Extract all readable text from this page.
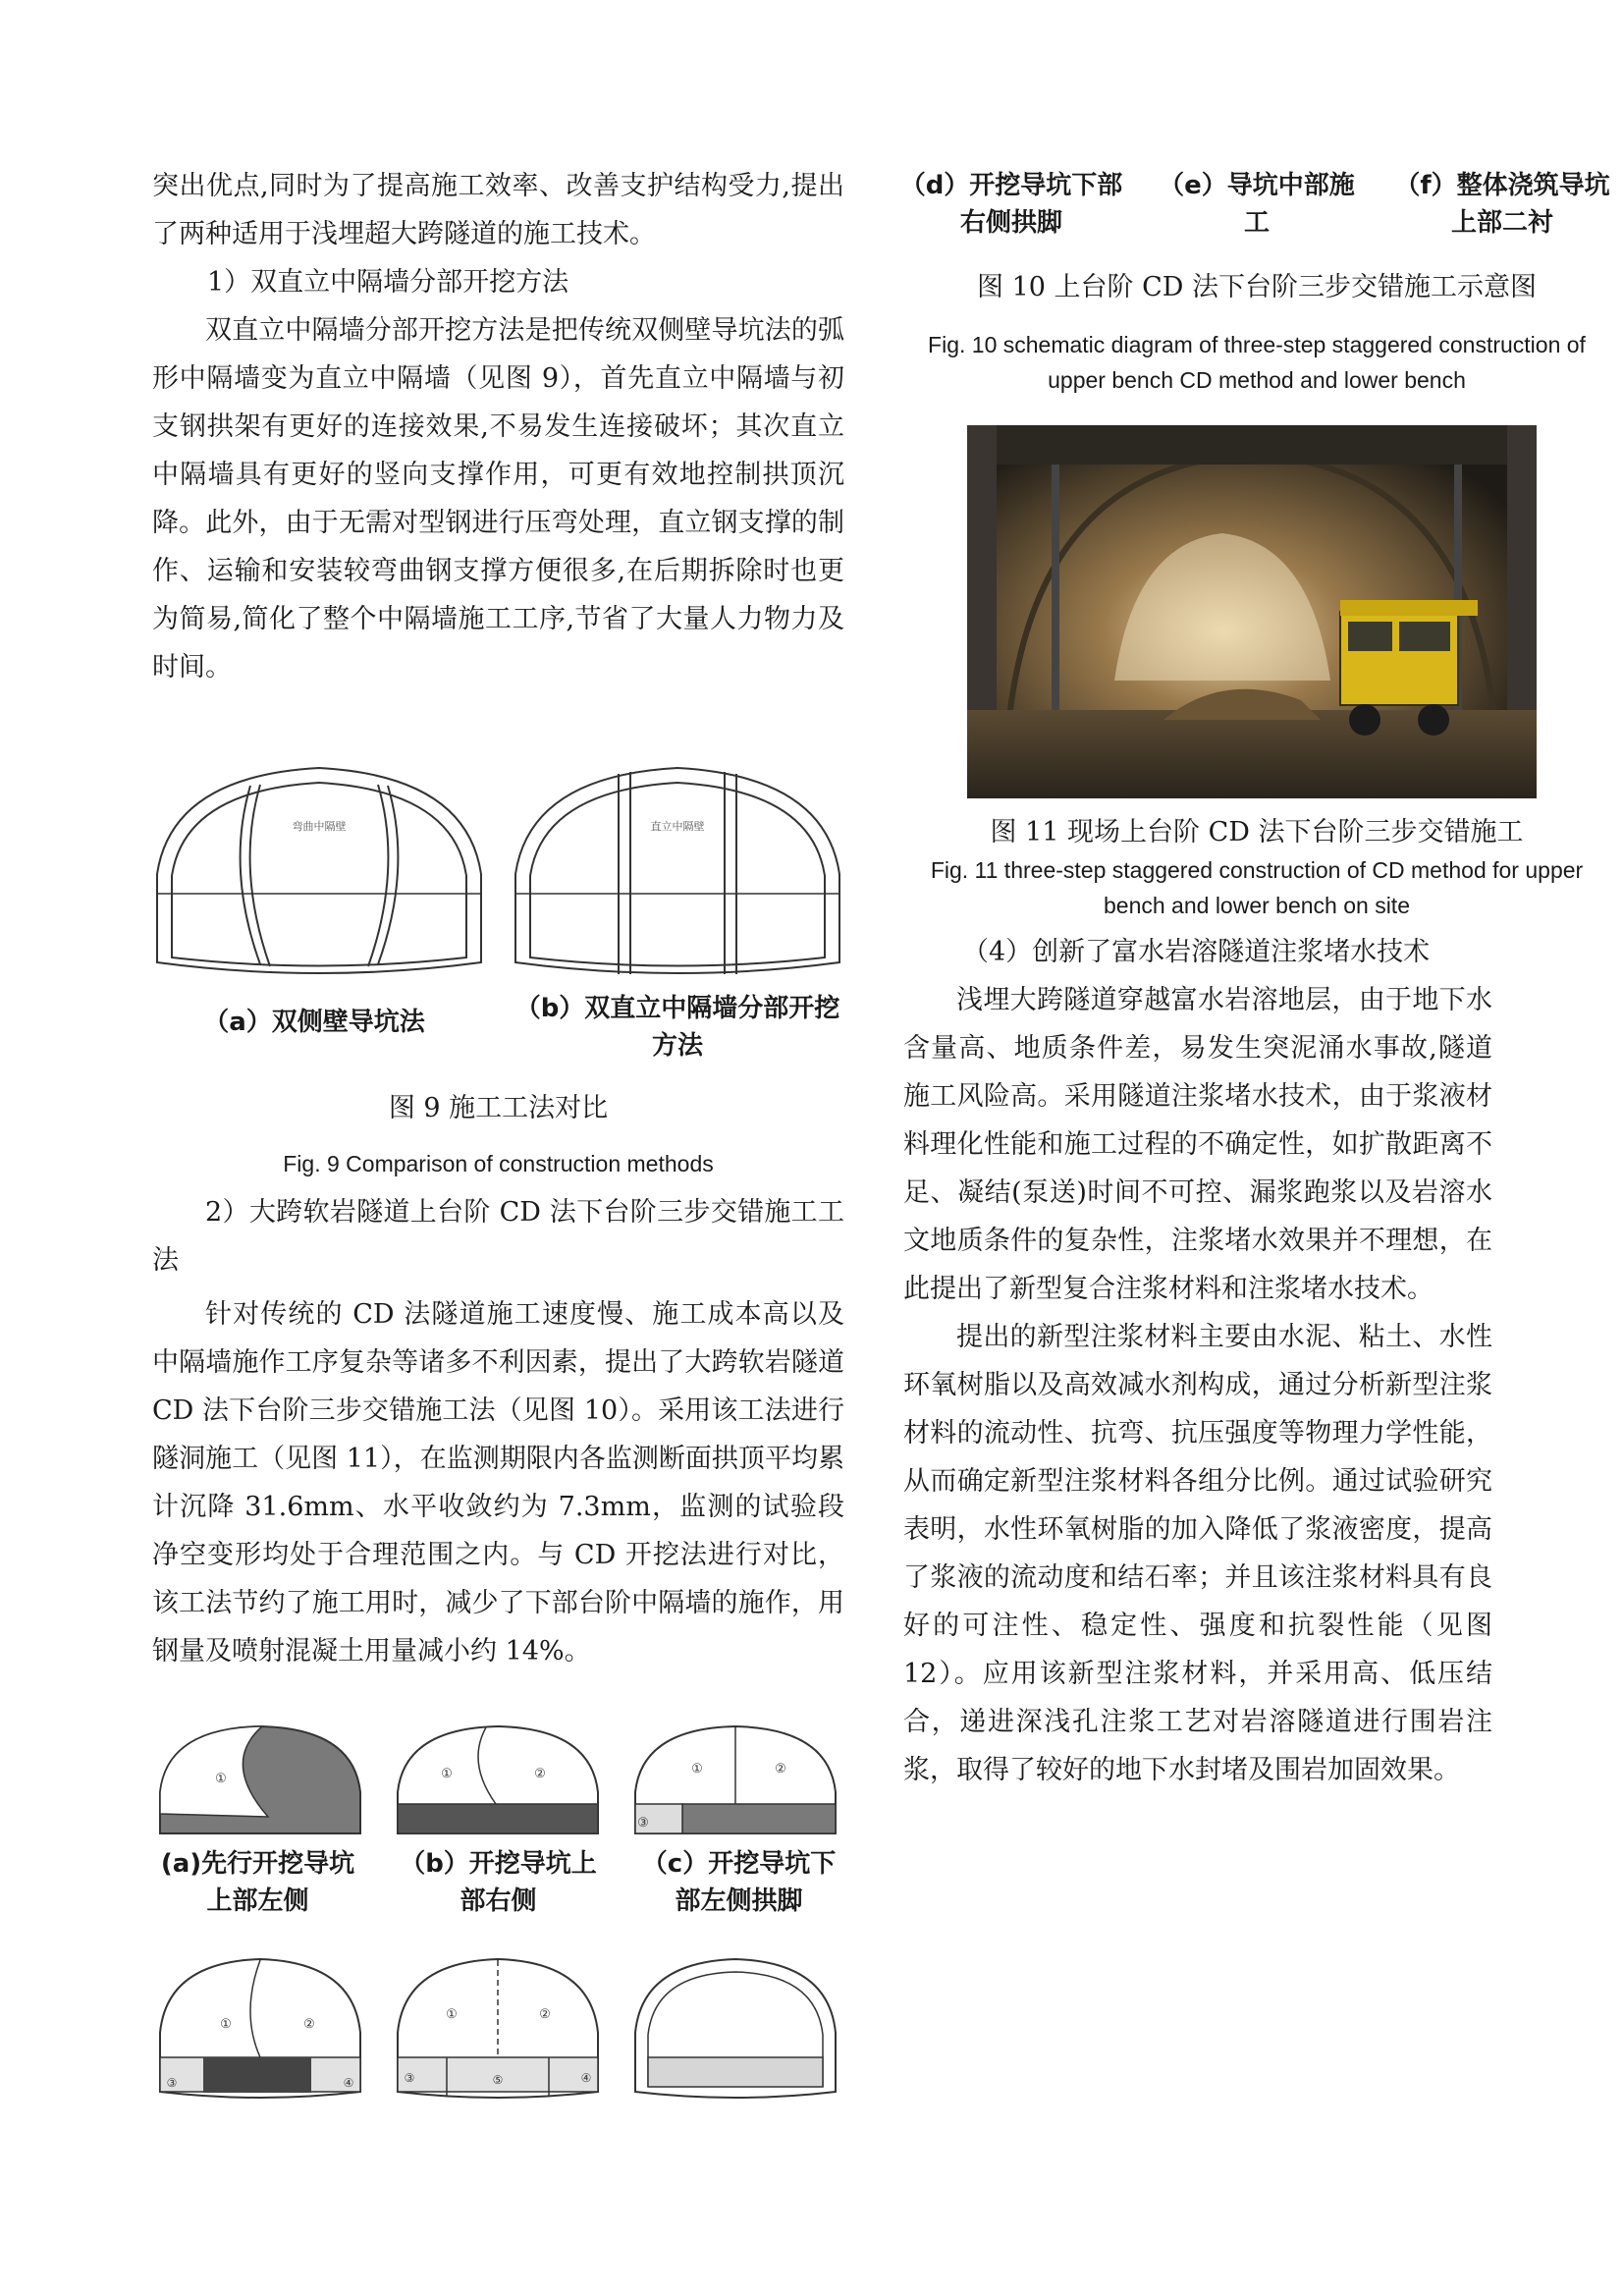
突出优点,同时为了提高施工效率、改善支护结构受力,提出了两种适用于浅埋超大跨隧道的施工技术。

1）双直立中隔墙分部开挖方法

双直立中隔墙分部开挖方法是把传统双侧壁导坑法的弧形中隔墙变为直立中隔墙（见图 9），首先直立中隔墙与初支钢拱架有更好的连接效果,不易发生连接破坏；其次直立中隔墙具有更好的竖向支撑作用，可更有效地控制拱顶沉降。此外，由于无需对型钢进行压弯处理，直立钢支撑的制作、运输和安装较弯曲钢支撑方便很多,在后期拆除时也更为简易,简化了整个中隔墙施工工序,节省了大量人力物力及时间。

弯曲中隔壁	直立中隔壁

（a）双侧壁导坑法	（b）双直立中隔墙分部开挖方法

图 9 施工工法对比

Fig. 9 Comparison of construction methods

2）大跨软岩隧道上台阶 CD 法下台阶三步交错施工工法

针对传统的 CD 法隧道施工速度慢、施工成本高以及中隔墙施作工序复杂等诸多不利因素，提出了大跨软岩隧道 CD 法下台阶三步交错施工法（见图 10）。采用该工法进行隧洞施工（见图 11），在监测期限内各监测断面拱顶平均累计沉降 31.6mm、水平收敛约为 7.3mm，监测的试验段净空变形均处于合理范围之内。与 CD 开挖法进行对比，该工法节约了施工用时，减少了下部台阶中隔墙的施作，用钢量及喷射混凝土用量减小约 14%。

①	①	②	①	②
③

(a)先行开挖导坑上部左侧

（b）开挖导坑上部右侧

（c）开挖导坑下部左侧拱脚

①	②
③	④
①	②
③	⑤	④

（d）开挖导坑下部右侧拱脚

（e）导坑中部施工

（f）整体浇筑导坑上部二衬

图 10 上台阶 CD 法下台阶三步交错施工示意图

Fig. 10 schematic diagram of three-step staggered construction of upper bench CD method and lower bench

图 11 现场上台阶 CD 法下台阶三步交错施工

Fig. 11 three-step staggered construction of CD method for upper bench and lower bench on site

（4）创新了富水岩溶隧道注浆堵水技术

浅埋大跨隧道穿越富水岩溶地层，由于地下水含量高、地质条件差，易发生突泥涌水事故,隧道施工风险高。采用隧道注浆堵水技术，由于浆液材料理化性能和施工过程的不确定性，如扩散距离不足、凝结(泵送)时间不可控、漏浆跑浆以及岩溶水文地质条件的复杂性，注浆堵水效果并不理想，在此提出了新型复合注浆材料和注浆堵水技术。

提出的新型注浆材料主要由水泥、粘土、水性环氧树脂以及高效减水剂构成，通过分析新型注浆材料的流动性、抗弯、抗压强度等物理力学性能，从而确定新型注浆材料各组分比例。通过试验研究表明，水性环氧树脂的加入降低了浆液密度，提高了浆液的流动度和结石率；并且该注浆材料具有良好的可注性、稳定性、强度和抗裂性能（见图 12）。应用该新型注浆材料，并采用高、低压结合，递进深浅孔注浆工艺对岩溶隧道进行围岩注浆，取得了较好的地下水封堵及围岩加固效果。
